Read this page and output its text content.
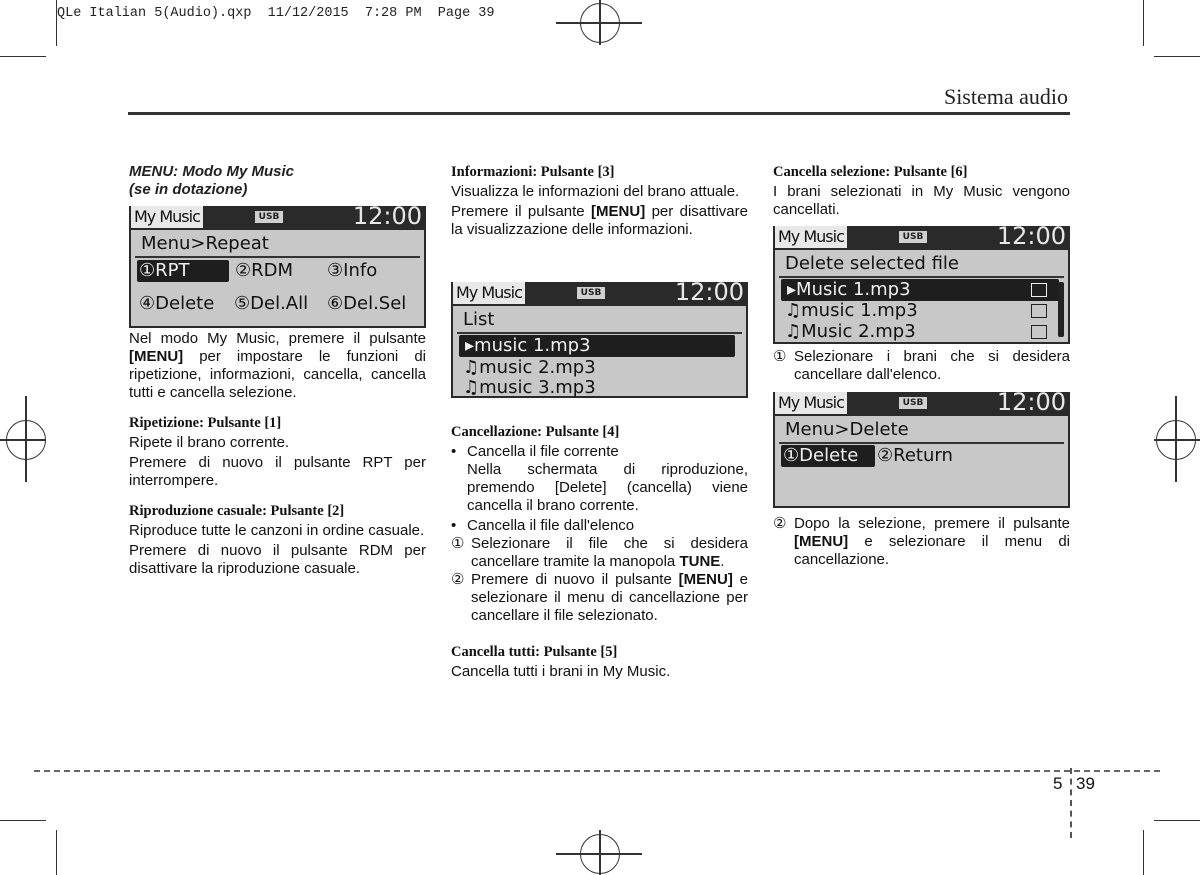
QLe Italian 5(Audio).qxp  11/12/2015  7:28 PM  Page 39
Sistema audio
MENU: Modo My Music
(se in dotazione)
My Music	USB	12:00
Menu>Repeat
①RPT	②RDM ③Info
④Delete ⑤Del.All ⑥Del.Sel

Nel modo My Music, premere il pulsante [MENU] per impostare le funzioni di ripetizione, informazioni, cancella, cancella tutti e cancella selezione.

Ripetizione: Pulsante [1]

Ripete il brano corrente.

Premere di nuovo il pulsante RPT per interrompere.

Riproduzione casuale: Pulsante [2]

Riproduce tutte le canzoni in ordine casuale.

Premere di nuovo il pulsante RDM per disattivare la riproduzione casuale.

Informazioni: Pulsante [3]

Visualizza le informazioni del brano attuale.

Premere il pulsante [MENU] per disattivare la visualizzazione delle informazioni.

My Music	USB	12:00
List
▸music 1.mp3
♫music 2.mp3
♫music 3.mp3

Cancellazione: Pulsante [4]

• Cancella il file corrente

Nella schermata di riproduzione, premendo [Delete] (cancella) viene cancella il brano corrente.

• Cancella il file dall'elenco
① Selezionare il file che si desidera cancellare tramite la manopola TUNE.
② Premere di nuovo il pulsante [MENU] e selezionare il menu di cancellazione per cancellare il file selezionato.

Cancella tutti: Pulsante [5]

Cancella tutti i brani in My Music.

Cancella selezione: Pulsante [6]

I brani selezionati in My Music vengono cancellati.

My Music	USB	12:00
Delete selected file
▸Music 1.mp3
♫music 1.mp3
♫Music 2.mp3
① Selezionare i brani che si desidera cancellare dall'elenco.
My Music	USB	12:00
Menu>Delete
①Delete	②Return
② Dopo la selezione, premere il pulsante [MENU] e selezionare il menu di cancellazione.
5 39
